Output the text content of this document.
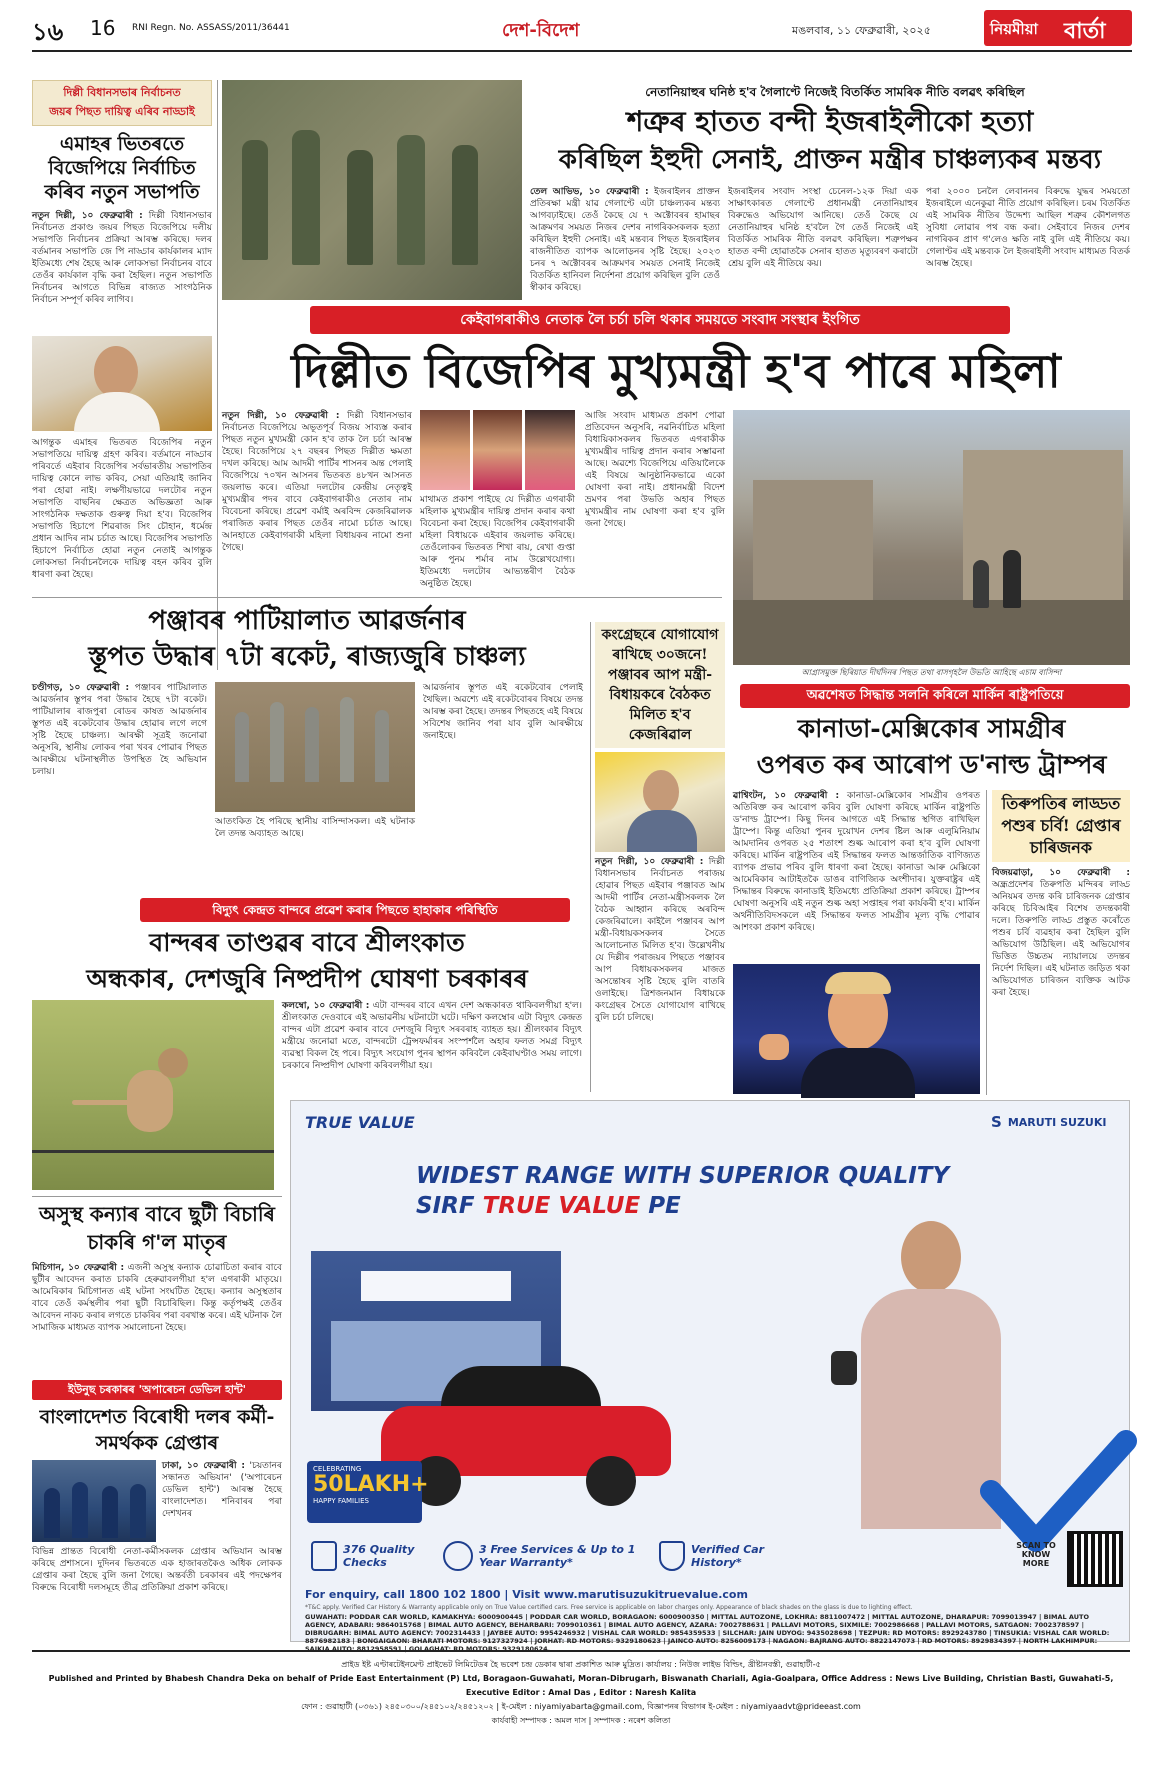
১৬ 16 RNI Regn. No. ASSASS/2011/36441	দেশ-বিদেশ	মঙলবাৰ, ১১ ফেব্ৰুৱাৰী, ২০২৫	নিয়মীয়া বাৰ্তা
দিল্লী বিধানসভাৰ নিৰ্বাচনত
জয়ৰ পিছত দায়িত্ব এৰিব নাড্ডাই
এমাহৰ ভিতৰতে বিজেপিয়ে নিৰ্বাচিত কৰিব নতুন সভাপতি
নতুন দিল্লী, ১০ ফেব্ৰুৱাৰী : দিল্লী বিধানসভাৰ নিৰ্বাচনত প্ৰকাণ্ড জয়ৰ পিছত বিজেপিয়ে দলীয় সভাপতি নিৰ্বাচনৰ প্ৰক্ৰিয়া আৰম্ভ কৰিছে। দলৰ বৰ্তমানৰ সভাপতি জে পি নাড্ডাৰ কাৰ্যকালৰ ম্যাদ ইতিমধ্যে শেষ হৈছে আৰু লোকসভা নিৰ্বাচনৰ বাবে তেওঁৰ কাৰ্যকাল বৃদ্ধি কৰা হৈছিল। নতুন সভাপতি নিৰ্বাচনৰ আগতে বিভিন্ন ৰাজ্যত সাংগঠনিক নিৰ্বাচন সম্পূৰ্ণ কৰিব লাগিব।
আগন্তুক এমাহৰ ভিতৰত বিজেপিৰ নতুন সভাপতিয়ে দায়িত্ব গ্ৰহণ কৰিব। বৰ্তমানে নাড্ডাৰ পৰিবৰ্তে এইবাৰ বিজেপিৰ সৰ্বভাৰতীয় সভাপতিৰ দায়িত্ব কোনে লাভ কৰিব, সেয়া এতিয়াই জানিব পৰা হোৱা নাই। লক্ষণীয়ভাৱে দলটোৰ নতুন সভাপতি বাছনিৰ ক্ষেত্ৰত অভিজ্ঞতা আৰু সাংগঠনিক দক্ষতাক গুৰুত্ব দিয়া হ'ব। বিজেপিৰ সভাপতি হিচাপে শিৱৰাজ সিং চৌহান, ধৰ্মেন্দ্ৰ প্ৰধান আদিৰ নাম চৰ্চাত আছে। বিজেপিৰ সভাপতি হিচাপে নিৰ্বাচিত হোৱা নতুন নেতাই আগন্তুক লোকসভা নিৰ্বাচনলৈকে দায়িত্ব বহন কৰিব বুলি ধাৰণা কৰা হৈছে।
নেতানিয়াহুৰ ঘনিষ্ঠ হ'ব গৈলাণ্টে নিজেই বিতৰ্কিত সামৰিক নীতি বলৱৎ কৰিছিল
শত্ৰুৰ হাতত বন্দী ইজৰাইলীকো হত্যা
কৰিছিল ইহুদী সেনাই, প্ৰাক্তন মন্ত্ৰীৰ চাঞ্চল্যকৰ মন্তব্য
তেল আভিভ, ১০ ফেব্ৰুৱাৰী : ইজৰাইলৰ প্ৰাক্তন প্ৰতিৰক্ষা মন্ত্ৰী য়াৱ গেলাণ্টে এটা চাঞ্চল্যকৰ মন্তব্য আগবঢ়াইছে। তেওঁ কৈছে যে ৭ অক্টোবৰৰ হামাছৰ আক্ৰমণৰ সময়ত নিজৰ দেশৰ নাগৰিকসকলক হত্যা কৰিছিল ইহুদী সেনাই। এই মন্তব্যৰ পিছত ইজৰাইলৰ ৰাজনীতিত ব্যাপক আলোড়নৰ সৃষ্টি হৈছে। ২০২৩ চনৰ ৭ অক্টোবৰৰ আক্ৰমণৰ সময়ত সেনাই নিজেই বিতৰ্কিত হানিবল নিৰ্দেশনা প্ৰয়োগ কৰিছিল বুলি তেওঁ স্বীকাৰ কৰিছে।
ইজৰাইলৰ সংবাদ সংস্থা চেনেল-১২ক দিয়া এক সাক্ষাৎকাৰত গেলাণ্টে প্ৰধানমন্ত্ৰী নেতানিয়াহুৰ বিৰুদ্ধেও অভিযোগ আনিছে। তেওঁ কৈছে যে নেতানিয়াহুৰ ঘনিষ্ঠ হ'বলৈ গৈ তেওঁ নিজেই এই বিতৰ্কিত সামৰিক নীতি বলৱৎ কৰিছিল। শত্ৰুপক্ষৰ হাতত বন্দী হোৱাতকৈ সেনাৰ হাতত মৃত্যুবৰণ কৰাটো শ্ৰেয় বুলি এই নীতিয়ে কয়।
পৰা ২০০০ চনলৈ লেবাননৰ বিৰুদ্ধে যুদ্ধৰ সময়তো ইজৰাইলে এনেকুৱা নীতি প্ৰয়োগ কৰিছিল। চৰম বিতৰ্কিত এই সামৰিক নীতিৰ উদ্দেশ্য আছিল শত্ৰুৰ কৌশলগত সুবিধা লোৱাৰ পথ বন্ধ কৰা। সেইবাবে নিজৰ দেশৰ নাগৰিকৰ প্ৰাণ গ'লেও ক্ষতি নাই বুলি এই নীতিয়ে কয়। গেলাণ্টৰ এই মন্তব্যক লৈ ইজৰাইলী সংবাদ মাধ্যমত বিতৰ্ক আৰম্ভ হৈছে।
কেইবাগৰাকীও নেতাক লৈ চৰ্চা চলি থকাৰ সময়তে সংবাদ সংস্থাৰ ইংগিত
দিল্লীত বিজেপিৰ মুখ্যমন্ত্ৰী হ'ব পাৰে মহিলা
নতুন দিল্লী, ১০ ফেব্ৰুৱাৰী : দিল্লী বিধানসভাৰ নিৰ্বাচনত বিজেপিয়ে অভূতপূৰ্ব বিজয় সাব্যস্ত কৰাৰ পিছত নতুন মুখ্যমন্ত্ৰী কোন হ'ব তাক লৈ চৰ্চা আৰম্ভ হৈছে। বিজেপিয়ে ২৭ বছৰৰ পিছত দিল্লীত ক্ষমতা দখল কৰিছে। আম আদমী পাৰ্টিৰ শাসনৰ অন্ত পেলাই বিজেপিয়ে ৭০খন আসনৰ ভিতৰত ৪৮খন আসনত জয়লাভ কৰে। এতিয়া দলটোৰ কেন্দ্ৰীয় নেতৃত্বই মুখ্যমন্ত্ৰীৰ পদৰ বাবে কেইবাগৰাকীও নেতাৰ নাম বিবেচনা কৰিছে। প্ৰৱেশ বৰ্মাই অৰবিন্দ কেজৰিৱালক পৰাজিত কৰাৰ পিছত তেওঁৰ নামো চৰ্চাত আছে। আনহাতে কেইবাগৰাকী মহিলা বিধায়কৰ নামো শুনা গৈছে।
মাথামত প্ৰকাশ পাইছে যে দিল্লীত এগৰাকী মহিলাক মুখ্যমন্ত্ৰীৰ দায়িত্ব প্ৰদান কৰাৰ কথা বিবেচনা কৰা হৈছে। বিজেপিৰ কেইবাগৰাকী মহিলা বিধায়কে এইবাৰ জয়লাভ কৰিছে। তেওঁলোকৰ ভিতৰত শিখা ৰায়, ৰেখা গুপ্তা আৰু পুনম শৰ্মাৰ নাম উল্লেখযোগ্য। ইতিমধ্যে দলটোৰ আভ্যন্তৰীণ বৈঠক অনুষ্ঠিত হৈছে।
আজি সংবাদ মাধ্যমত প্ৰকাশ পোৱা প্ৰতিবেদন অনুসৰি, নৱনিৰ্বাচিত মহিলা বিধায়িকাসকলৰ ভিতৰত এগৰাকীক মুখ্যমন্ত্ৰীৰ দায়িত্ব প্ৰদান কৰাৰ সম্ভাৱনা আছে। অৱশ্যে বিজেপিয়ে এতিয়ালৈকে এই বিষয়ে আনুষ্ঠানিকভাৱে একো ঘোষণা কৰা নাই। প্ৰধানমন্ত্ৰী বিদেশ ভ্ৰমণৰ পৰা উভতি অহাৰ পিছত মুখ্যমন্ত্ৰীৰ নাম ঘোষণা কৰা হ'ব বুলি জনা গৈছে।
আগ্ৰাসমুক্ত ছিৰিয়াত দীৰ্ঘদিনৰ পিছত তথা বাসগৃহলৈ উভতি আহিছে এচাম বাসিন্দা
পঞ্জাবৰ পাটিয়ালাত আৱৰ্জনাৰ
স্তূপত উদ্ধাৰ ৭টা ৰকেট, ৰাজ্যজুৰি চাঞ্চল্য
চণ্ডীগড়, ১০ ফেব্ৰুৱাৰী : পঞ্জাবৰ পাটিয়ালাত আৱৰ্জনাৰ স্তূপৰ পৰা উদ্ধাৰ হৈছে ৭টা ৰকেট। পাটিয়ালাৰ ৰাজপুৰা ৰোডৰ কাষত আৱৰ্জনাৰ স্তূপত এই ৰকেটবোৰ উদ্ধাৰ হোৱাৰ লগে লগে সৃষ্টি হৈছে চাঞ্চল্য। আৰক্ষী সূত্ৰই জনোৱা অনুসৰি, স্থানীয় লোকৰ পৰা খবৰ পোৱাৰ পিছত আৰক্ষীয়ে ঘটনাস্থলীত উপস্থিত হৈ অভিযান চলায়।
আতংকিত হৈ পৰিছে স্থানীয় বাসিন্দাসকল। এই ঘটনাক লৈ তদন্ত অব্যাহত আছে।
আৱৰ্জনাৰ স্তূপত এই ৰকেটবোৰ পেলাই থৈছিল। অৱশ্যে এই ৰকেটবোৰৰ বিষয়ে তদন্ত আৰম্ভ কৰা হৈছে। তদন্তৰ পিছতহে এই বিষয়ে সবিশেষ জানিব পৰা যাব বুলি আৰক্ষীয়ে জনাইছে।
কংগ্ৰেছৰে যোগাযোগ ৰাখিছে ৩০জনে! পঞ্জাবৰ আপ মন্ত্ৰী-বিধায়কৰে বৈঠকত মিলিত হ'ব কেজৰিৱাল
নতুন দিল্লী, ১০ ফেব্ৰুৱাৰী : দিল্লী বিধানসভাৰ নিৰ্বাচনত পৰাজয় হোৱাৰ পিছত এইবাৰ পঞ্জাবত আম আদমী পাৰ্টিৰ নেতা-মন্ত্ৰীসকলক লৈ বৈঠক আহ্বান কৰিছে অৰবিন্দ কেজৰিৱালে। কাইলৈ পঞ্জাবৰ আপ মন্ত্ৰী-বিধায়কসকলৰ সৈতে আলোচনাত মিলিত হ'ব। উল্লেখনীয় যে দিল্লীৰ পৰাজয়ৰ পিছতে পঞ্জাবৰ আপ বিধায়কসকলৰ মাজত অসন্তোষৰ সৃষ্টি হৈছে বুলি বাতৰি ওলাইছে। ত্ৰিশজনমান বিধায়কে কংগ্ৰেছৰ সৈতে যোগাযোগ ৰাখিছে বুলি চৰ্চা চলিছে।
অৱশেষত সিদ্ধান্ত সলনি কৰিলে মাৰ্কিন ৰাষ্ট্ৰপতিয়ে
কানাডা-মেক্সিকোৰ সামগ্ৰীৰ
ওপৰত কৰ আৰোপ ড'নাল্ড ট্ৰাম্পৰ
ৱাশ্বিংটন, ১০ ফেব্ৰুৱাৰী : কানাডা-মেক্সিকোৰ সামগ্ৰীৰ ওপৰত অতিৰিক্ত কৰ আৰোপ কৰিব বুলি ঘোষণা কৰিছে মাৰ্কিন ৰাষ্ট্ৰপতি ড'নাল্ড ট্ৰাম্পে। কিছু দিনৰ আগতে এই সিদ্ধান্ত স্থগিত ৰাখিছিল ট্ৰাম্পে। কিন্তু এতিয়া পুনৰ দুয়োখন দেশৰ ষ্টিল আৰু এলুমিনিয়াম আমদানিৰ ওপৰত ২৫ শতাংশ শুল্ক আৰোপ কৰা হ'ব বুলি ঘোষণা কৰিছে। মাৰ্কিন ৰাষ্ট্ৰপতিৰ এই সিদ্ধান্তৰ ফলত আন্তৰ্জাতিক বাণিজ্যত ব্যাপক প্ৰভাৱ পৰিব বুলি ধাৰণা কৰা হৈছে। কানাডা আৰু মেক্সিকো আমেৰিকাৰ আটাইতকৈ ডাঙৰ বাণিজ্যিক অংশীদাৰ। যুক্তৰাষ্ট্ৰৰ এই সিদ্ধান্তৰ বিৰুদ্ধে কানাডাই ইতিমধ্যে প্ৰতিক্ৰিয়া প্ৰকাশ কৰিছে। ট্ৰাম্পৰ ঘোষণা অনুসৰি এই নতুন শুল্ক অহা সপ্তাহৰ পৰা কাৰ্যকৰী হ'ব। মাৰ্কিন অৰ্থনীতিবিদসকলে এই সিদ্ধান্তৰ ফলত সামগ্ৰীৰ মূল্য বৃদ্ধি পোৱাৰ আশংকা প্ৰকাশ কৰিছে।
তিৰুপতিৰ লাড্ডত পশুৰ চৰ্বি! গ্ৰেপ্তাৰ চাৰিজনক
বিজয়ৱাড়া, ১০ ফেব্ৰুৱাৰী : অন্ধ্ৰপ্ৰদেশৰ তিৰুপতি মন্দিৰৰ লাড্ড অনিয়মৰ তদন্ত কৰি চাৰিজনক গ্ৰেপ্তাৰ কৰিছে চিবিআইৰ বিশেষ তদন্তকাৰী দলে। তিৰুপতি লাড্ড প্ৰস্তুত কৰোঁতে পশুৰ চৰ্বি ব্যৱহাৰ কৰা হৈছিল বুলি অভিযোগ উঠিছিল। এই অভিযোগৰ ভিত্তিত উচ্চতম ন্যায়ালয়ে তদন্তৰ নিৰ্দেশ দিছিল। এই ঘটনাত জড়িত থকা অভিযোগত চাৰিজন ব্যক্তিক আটক কৰা হৈছে।
বিদ্যুৎ কেন্দ্ৰত বান্দৰে প্ৰৱেশ কৰাৰ পিছতে হাহাকাৰ পৰিস্থিতি
বান্দৰৰ তাণ্ডৱৰ বাবে শ্ৰীলংকাত
অন্ধকাৰ, দেশজুৰি নিষ্প্ৰদীপ ঘোষণা চৰকাৰৰ
কলম্বো, ১০ ফেব্ৰুৱাৰী : এটা বান্দৰৰ বাবে এখন দেশ অন্ধকাৰত থাকিবলগীয়া হ'ল। শ্ৰীলংকাত দেওবাৰে এই অভাৱনীয় ঘটনাটো ঘটে। দক্ষিণ কলম্বোৰ এটা বিদ্যুৎ কেন্দ্ৰত বান্দৰ এটা প্ৰৱেশ কৰাৰ বাবে দেশজুৰি বিদ্যুৎ সৰবৰাহ ব্যাহত হয়। শ্ৰীলংকাৰ বিদ্যুৎ মন্ত্ৰীয়ে জনোৱা মতে, বান্দৰটো ট্ৰেন্সফৰ্মাৰৰ সংস্পৰ্শলৈ অহাৰ ফলত সমগ্ৰ বিদ্যুৎ ব্যৱস্থা বিকল হৈ পৰে। বিদ্যুৎ সংযোগ পুনৰ স্থাপন কৰিবলৈ কেইবাঘণ্টাও সময় লাগে। চৰকাৰে নিষ্প্ৰদীপ ঘোষণা কৰিবলগীয়া হয়।
অসুস্থ কন্যাৰ বাবে ছুটী বিচাৰি চাকৰি গ'ল মাতৃৰ
মিচিগান, ১০ ফেব্ৰুৱাৰী : এজনী অসুস্থ কন্যাক চোৱাচিতা কৰাৰ বাবে ছুটীৰ আবেদন কৰাত চাকৰি হেৰুৱাবলগীয়া হ'ল এগৰাকী মাতৃয়ে। আমেৰিকাৰ মিচিগানত এই ঘটনা সংঘটিত হৈছে। কন্যাৰ অসুস্থতাৰ বাবে তেওঁ কৰ্মস্থলীৰ পৰা ছুটী বিচাৰিছিল। কিন্তু কৰ্তৃপক্ষই তেওঁৰ আবেদন নাকচ কৰাৰ লগতে চাকৰিৰ পৰা বৰখাস্ত কৰে। এই ঘটনাক লৈ সামাজিক মাধ্যমত ব্যাপক সমালোচনা হৈছে।
ইউনুছ চৰকাৰৰ 'অপাৰেচন ডেভিল হান্ট'
বাংলাদেশত বিৰোধী দলৰ কৰ্মী-সমৰ্থকক গ্ৰেপ্তাৰ
ঢাকা, ১০ ফেব্ৰুৱাৰী : 'চয়তানৰ সন্ধানত অভিযান' ('অপাৰেচন ডেভিল হান্ট') আৰম্ভ হৈছে বাংলাদেশত। শনিবাৰৰ পৰা দেশখনৰ
বিভিন্ন প্ৰান্তত বিৰোধী নেতা-কৰ্মীসকলক গ্ৰেপ্তাৰ অভিযান আৰম্ভ কৰিছে প্ৰশাসনে। দুদিনৰ ভিতৰতে এক হাজাৰতকৈও অধিক লোকক গ্ৰেপ্তাৰ কৰা হৈছে বুলি জনা গৈছে। অন্তৰ্বতী চৰকাৰৰ এই পদক্ষেপৰ বিৰুদ্ধে বিৰোধী দলসমূহে তীব্ৰ প্ৰতিক্ৰিয়া প্ৰকাশ কৰিছে।
TRUE VALUE	S MARUTI SUZUKI
WIDEST RANGE WITH SUPERIOR QUALITY
SIRF TRUE VALUE PE
CELEBRATING
50LAKH+
HAPPY FAMILIES
376 Quality Checks
3 Free Services & Up to 1 Year Warranty*
Verified Car History*
SCAN TO KNOW MORE
For enquiry, call 1800 102 1800 | Visit www.marutisuzukitruevalue.com
*T&C apply. Verified Car History & Warranty applicable only on True Value certified cars. Free service is applicable on labor charges only. Appearance of black shades on the glass is due to lighting effect.
GUWAHATI: PODDAR CAR WORLD, KAMAKHYA: 6000900445 | PODDAR CAR WORLD, BORAGAON: 6000900350 | MITTAL AUTOZONE, LOKHRA: 8811007472 | MITTAL AUTOZONE, DHARAPUR: 7099013947 | BIMAL AUTO AGENCY, ADABARI: 9864015768 | BIMAL AUTO AGENCY, BEHARBARI: 7099010361 | BIMAL AUTO AGENCY, AZARA: 7002788631 | PALLAVI MOTORS, SIXMILE: 7002986668 | PALLAVI MOTORS, SATGAON: 7002378597 | DIBRUGARH: BIMAL AUTO AGENCY: 7002314433 | JAYBEE AUTO: 9954246932 | VISHAL CAR WORLD: 9854359533 | SILCHAR: JAIN UDYOG: 9435028698 | TEZPUR: RD MOTORS: 8929243780 | TINSUKIA: VISHAL CAR WORLD: 8876982183 | BONGAIGAON: BHARATI MOTORS: 9127327924 | JORHAT: RD MOTORS: 9329180623 | JAINCO AUTO: 8256009173 | NAGAON: BAJRANG AUTO: 8822147073 | RD MOTORS: 8929834397 | NORTH LAKHIMPUR: SAIKIA AUTO: 8812958591 | GOLAGHAT: RD MOTORS: 9329180624.
প্ৰাইড ইষ্ট এণ্টাৰটেইনমেণ্ট প্ৰাইভেট লিমিটেডৰ হৈ ভবেশ চন্দ্ৰ ডেকাৰ দ্বাৰা প্ৰকাশিত আৰু মুদ্ৰিত। কাৰ্যালয় : নিউজ লাইভ বিল্ডিং, খ্ৰীষ্টানবস্তী, গুৱাহাটী-৫
Published and Printed by Bhabesh Chandra Deka on behalf of Pride East Entertainment (P) Ltd, Boragaon-Guwahati, Moran-Dibrugarh, Biswanath Chariali, Agia-Goalpara, Office Address : News Live Building, Christian Basti, Guwahati-5, Executive Editor : Amal Das , Editor : Naresh Kalita
ফোন : গুৱাহাটী (০৩৬১) ২৪৫০৩০০/২৪৫১০২/২৪৫১২০২ | ই-মেইল : niyamiyabarta@gmail.com, বিজ্ঞাপনৰ বিভাগৰ ই-মেইল : niyamiyaadvt@prideeast.com
কাৰ্যবাহী সম্পাদক : অমল দাস | সম্পাদক : নৰেশ কলিতা
